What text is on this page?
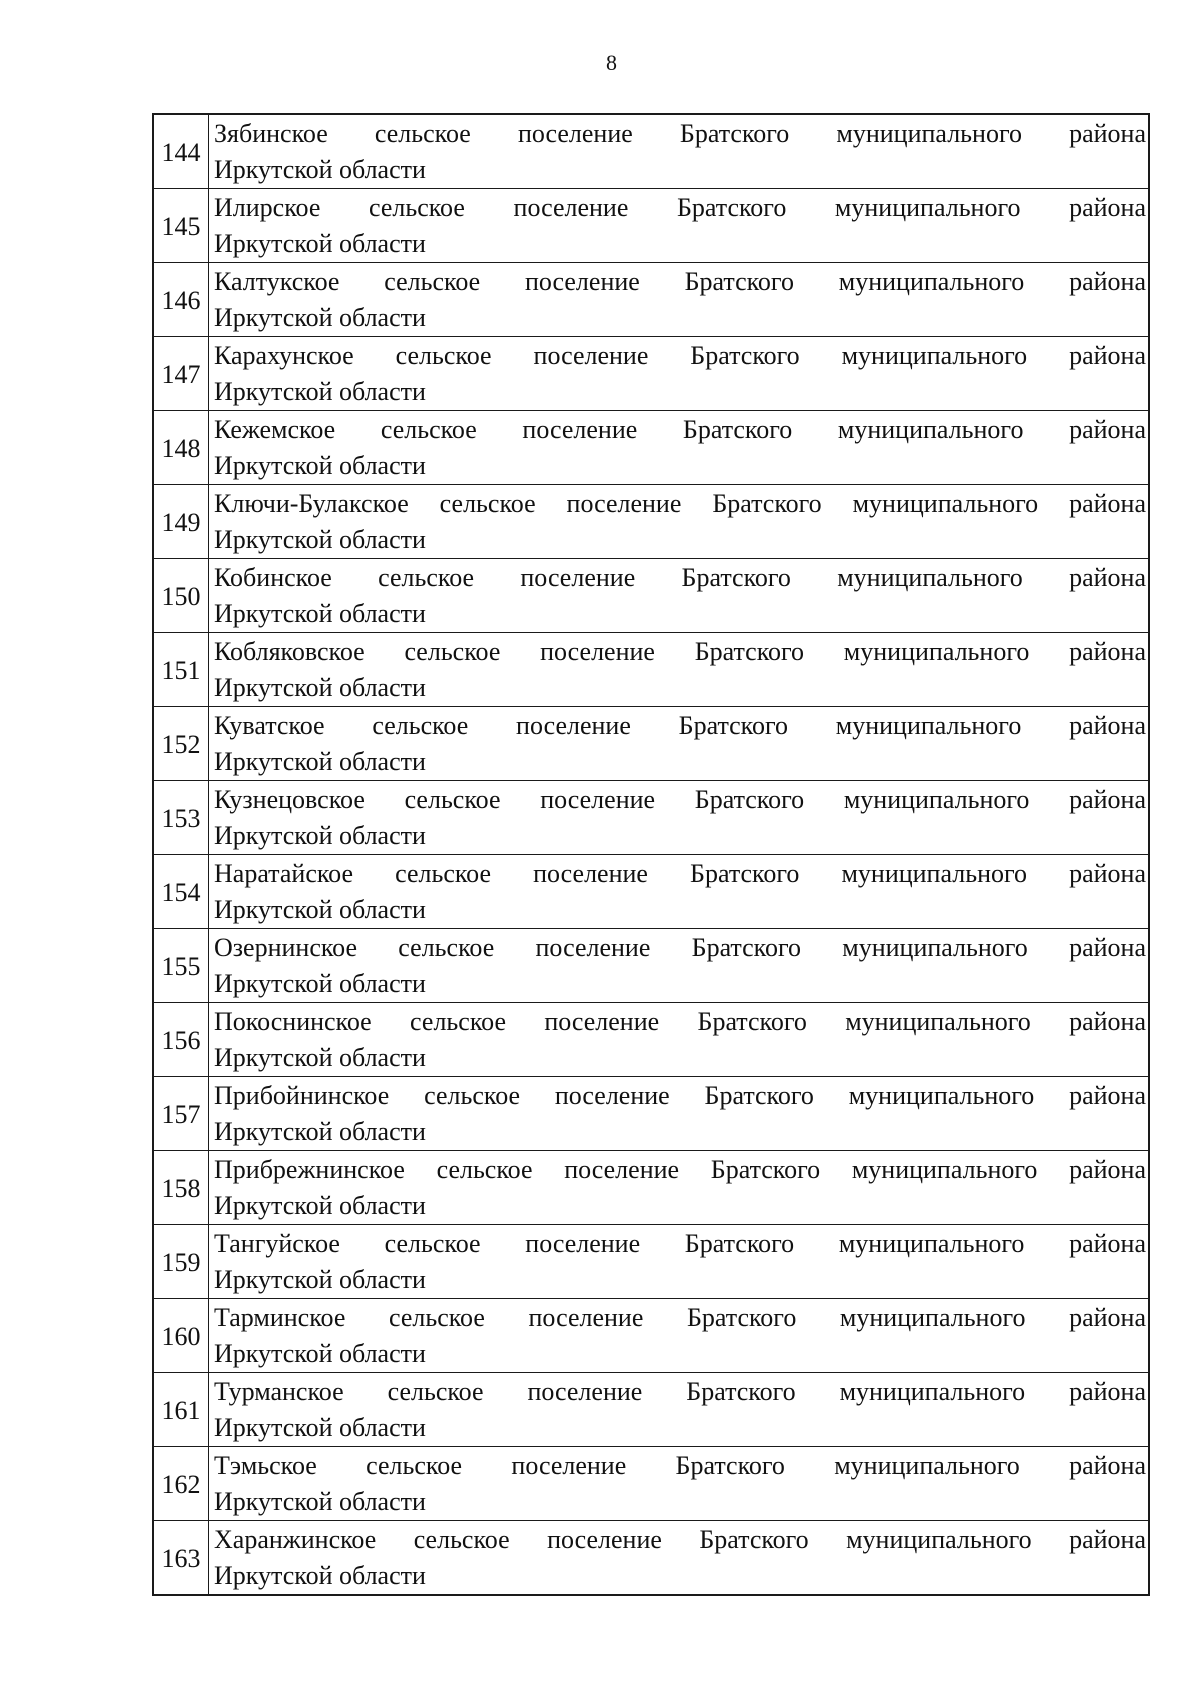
8
144	Зябинское сельское поселение Братского муниципального района
Иркутской области

145	Илирское сельское поселение Братского муниципального района
Иркутской области

146	Калтукское сельское поселение Братского муниципального района
Иркутской области

147	Карахунское сельское поселение Братского муниципального района
Иркутской области

148	Кежемское сельское поселение Братского муниципального района
Иркутской области

149	Ключи-Булакское сельское поселение Братского муниципального района
Иркутской области

150	Кобинское сельское поселение Братского муниципального района
Иркутской области

151	Кобляковское сельское поселение Братского муниципального района
Иркутской области

152	Куватское сельское поселение Братского муниципального района
Иркутской области

153	Кузнецовское сельское поселение Братского муниципального района
Иркутской области

154	Наратайское сельское поселение Братского муниципального района
Иркутской области

155	Озернинское сельское поселение Братского муниципального района
Иркутской области

156	Покоснинское сельское поселение Братского муниципального района
Иркутской области

157	Прибойнинское сельское поселение Братского муниципального района
Иркутской области

158	Прибрежнинское сельское поселение Братского муниципального района
Иркутской области

159	Тангуйское сельское поселение Братского муниципального района
Иркутской области

160	Тарминское сельское поселение Братского муниципального района
Иркутской области

161	Турманское сельское поселение Братского муниципального района
Иркутской области

162	Тэмьское сельское поселение Братского муниципального района
Иркутской области

163	Харанжинское сельское поселение Братского муниципального района
Иркутской области
